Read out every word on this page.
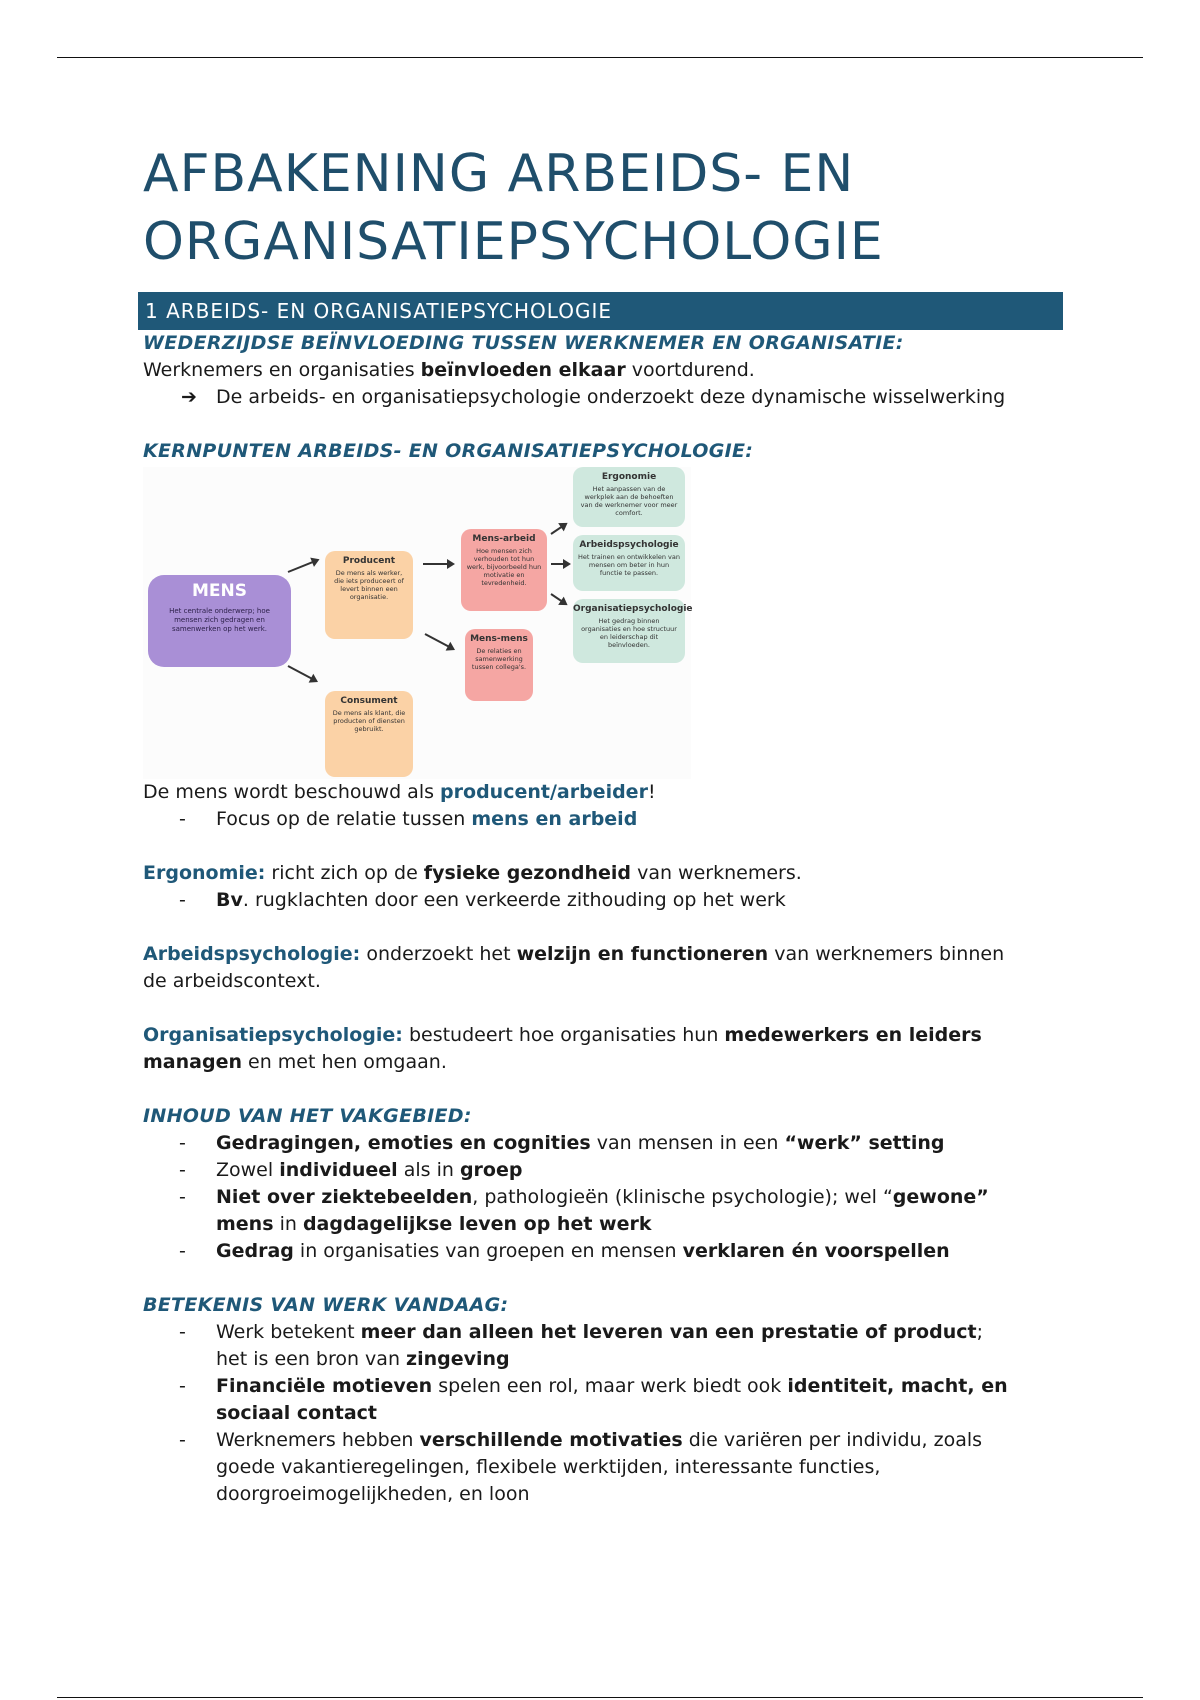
AFBAKENING ARBEIDS- EN
ORGANISATIEPSYCHOLOGIE
1 ARBEIDS- EN ORGANISATIEPSYCHOLOGIE
WEDERZIJDSE BEÏNVLOEDING TUSSEN WERKNEMER EN ORGANISATIE:
Werknemers en organisaties beïnvloeden elkaar voortdurend.
➔ De arbeids- en organisatiepsychologie onderzoekt deze dynamische wisselwerking
KERNPUNTEN ARBEIDS- EN ORGANISATIEPSYCHOLOGIE:
MENS
Het centrale onderwerp; hoe mensen zich gedragen en samenwerken op het werk.
Producent
De mens als werker, die iets produceert of levert binnen een organisatie.
Consument
De mens als klant, die producten of diensten gebruikt.
Mens-arbeid
Hoe mensen zich verhouden tot hun werk, bijvoorbeeld hun motivatie en tevredenheid.
Mens-mens
De relaties en samenwerking tussen collega's.
Ergonomie
Het aanpassen van de werkplek aan de behoeften van de werknemer voor meer comfort.
Arbeidspsychologie
Het trainen en ontwikkelen van mensen om beter in hun functie te passen.
Organisatiepsychologie
Het gedrag binnen organisaties en hoe structuur en leiderschap dit beïnvloeden.
De mens wordt beschouwd als producent/arbeider!
- Focus op de relatie tussen mens en arbeid
Ergonomie: richt zich op de fysieke gezondheid van werknemers.
- Bv. rugklachten door een verkeerde zithouding op het werk
Arbeidspsychologie: onderzoekt het welzijn en functioneren van werknemers binnen
de arbeidscontext.
Organisatiepsychologie: bestudeert hoe organisaties hun medewerkers en leiders
managen en met hen omgaan.
INHOUD VAN HET VAKGEBIED:
- Gedragingen, emoties en cognities van mensen in een “werk” setting
- Zowel individueel als in groep
- Niet over ziektebeelden, pathologieën (klinische psychologie); wel “gewone”
mens in dagdagelijkse leven op het werk
- Gedrag in organisaties van groepen en mensen verklaren én voorspellen
BETEKENIS VAN WERK VANDAAG:
- Werk betekent meer dan alleen het leveren van een prestatie of product;
het is een bron van zingeving
- Financiële motieven spelen een rol, maar werk biedt ook identiteit, macht, en
sociaal contact
- Werknemers hebben verschillende motivaties die variëren per individu, zoals
goede vakantieregelingen, flexibele werktijden, interessante functies,
doorgroeimogelijkheden, en loon
